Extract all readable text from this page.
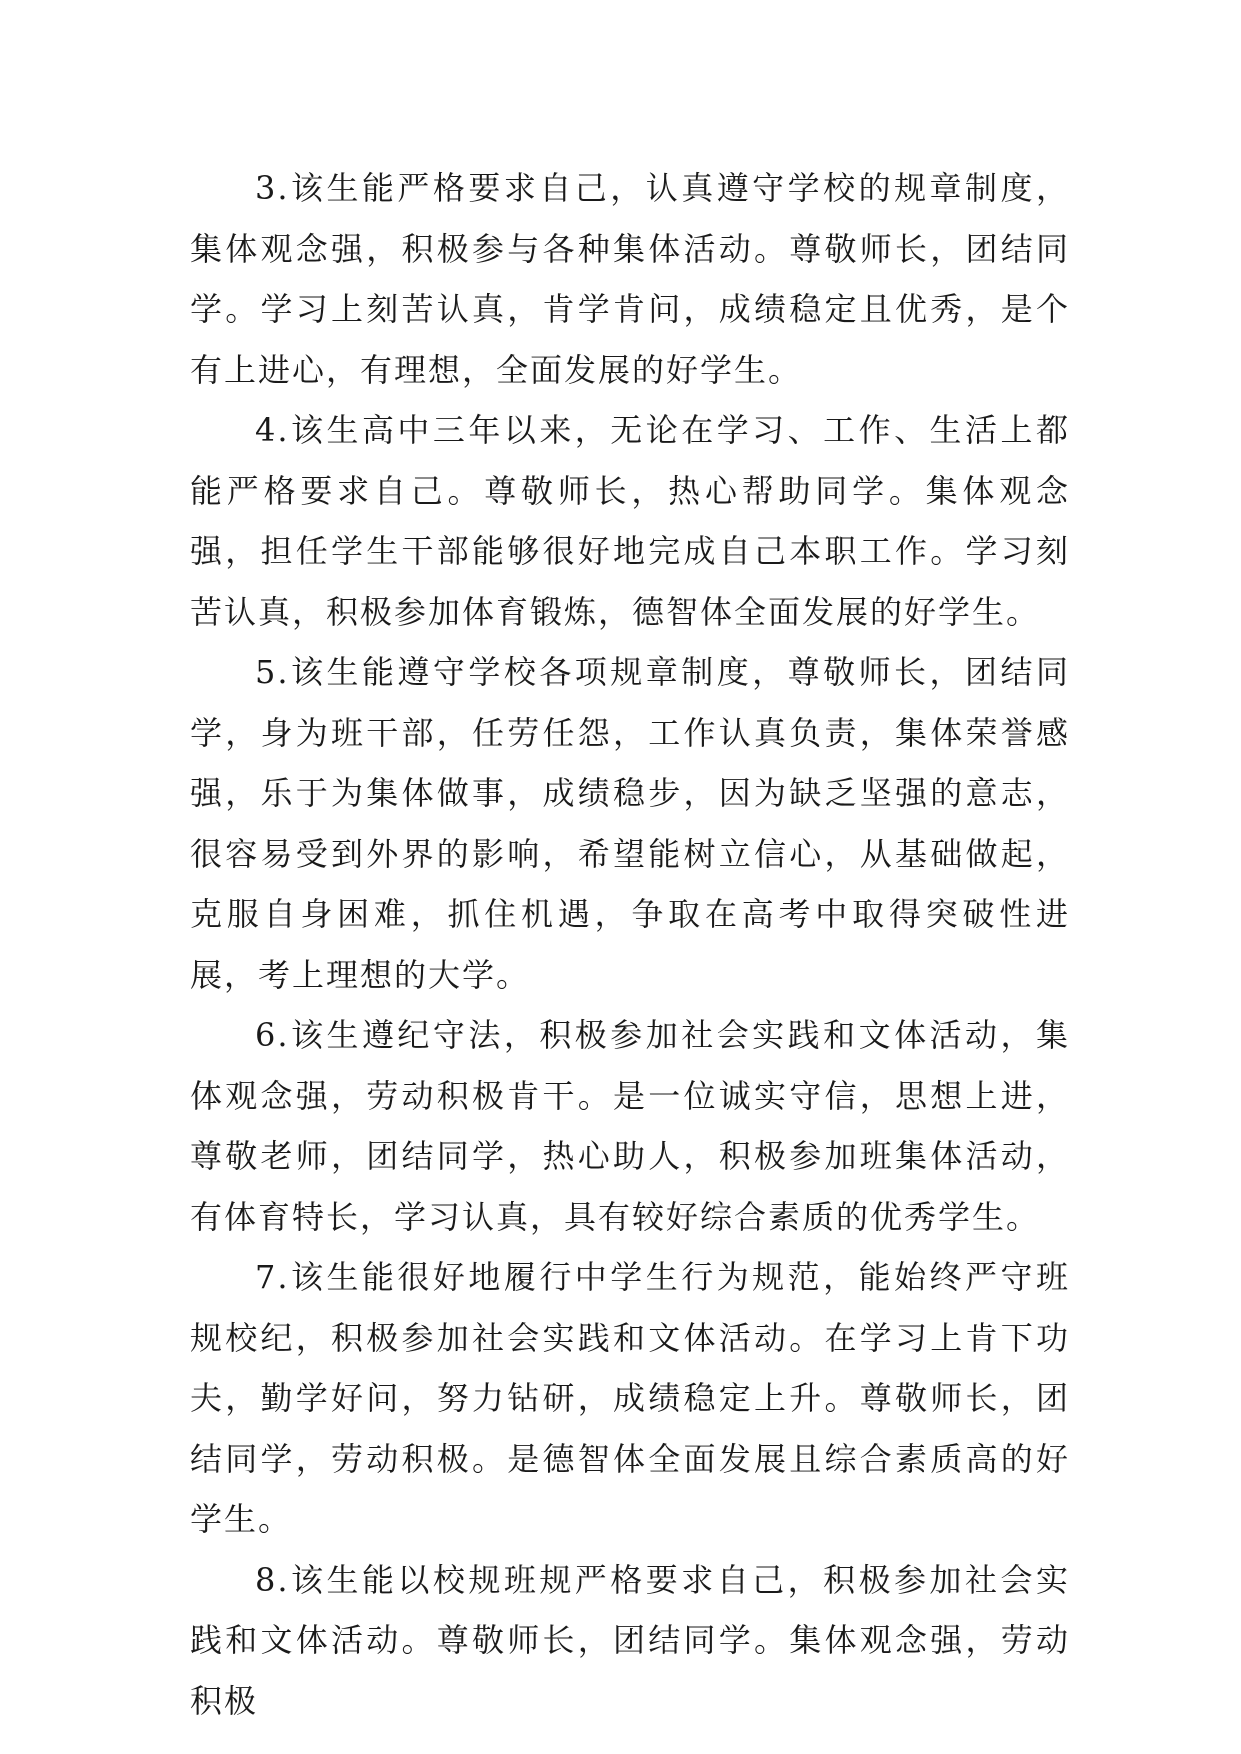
3.该生能严格要求自己，认真遵守学校的规章制度，集体观念强，积极参与各种集体活动。尊敬师长，团结同学。学习上刻苦认真，肯学肯问，成绩稳定且优秀，是个有上进心，有理想，全面发展的好学生。

4.该生高中三年以来，无论在学习、工作、生活上都能严格要求自己。尊敬师长，热心帮助同学。集体观念强，担任学生干部能够很好地完成自己本职工作。学习刻苦认真，积极参加体育锻炼，德智体全面发展的好学生。

5.该生能遵守学校各项规章制度，尊敬师长，团结同学，身为班干部，任劳任怨，工作认真负责，集体荣誉感强，乐于为集体做事，成绩稳步，因为缺乏坚强的意志，很容易受到外界的影响，希望能树立信心，从基础做起，克服自身困难，抓住机遇，争取在高考中取得突破性进展，考上理想的大学。

6.该生遵纪守法，积极参加社会实践和文体活动，集体观念强，劳动积极肯干。是一位诚实守信，思想上进，尊敬老师，团结同学，热心助人，积极参加班集体活动，有体育特长，学习认真，具有较好综合素质的优秀学生。

7.该生能很好地履行中学生行为规范，能始终严守班规校纪，积极参加社会实践和文体活动。在学习上肯下功夫，勤学好问，努力钻研，成绩稳定上升。尊敬师长，团结同学，劳动积极。是德智体全面发展且综合素质高的好学生。

8.该生能以校规班规严格要求自己，积极参加社会实践和文体活动。尊敬师长，团结同学。集体观念强，劳动积极
